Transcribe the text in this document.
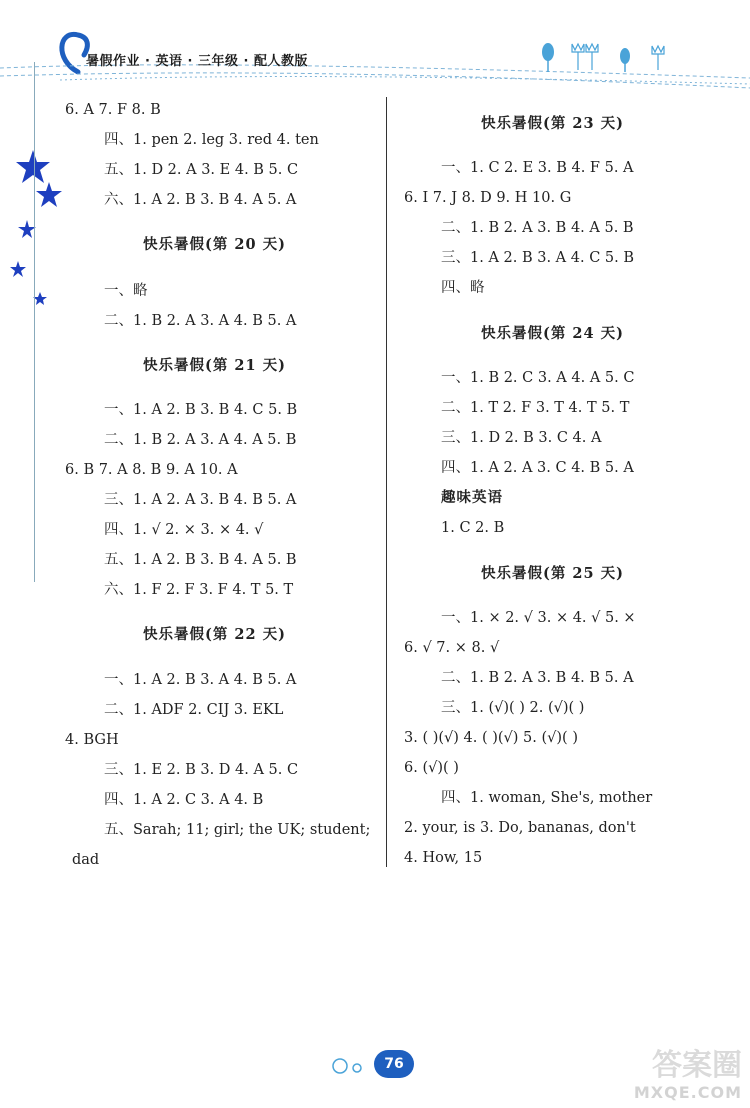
暑假作业 · 英语 · 三年级 · 配人教版
6. A 7. F 8. B
四、1. pen 2. leg 3. red 4. ten
五、1. D 2. A 3. E 4. B 5. C
六、1. A 2. B 3. B 4. A 5. A
快乐暑假(第 20 天)
一、略
二、1. B 2. A 3. A 4. B 5. A
快乐暑假(第 21 天)
一、1. A 2. B 3. B 4. C 5. B
二、1. B 2. A 3. A 4. A 5. B
6. B 7. A 8. B 9. A 10. A
三、1. A 2. A 3. B 4. B 5. A
四、1. √ 2. × 3. × 4. √
五、1. A 2. B 3. B 4. A 5. B
六、1. F 2. F 3. F 4. T 5. T
快乐暑假(第 22 天)
一、1. A 2. B 3. A 4. B 5. A
二、1. ADF 2. CIJ 3. EKL
4. BGH
三、1. E 2. B 3. D 4. A 5. C
四、1. A 2. C 3. A 4. B
五、Sarah; 11; girl; the UK; student;
dad
快乐暑假(第 23 天)
一、1. C 2. E 3. B 4. F 5. A
6. I 7. J 8. D 9. H 10. G
二、1. B 2. A 3. B 4. A 5. B
三、1. A 2. B 3. A 4. C 5. B
四、略
快乐暑假(第 24 天)
一、1. B 2. C 3. A 4. A 5. C
二、1. T 2. F 3. T 4. T 5. T
三、1. D 2. B 3. C 4. A
四、1. A 2. A 3. C 4. B 5. A
趣味英语
1. C 2. B
快乐暑假(第 25 天)
一、1. × 2. √ 3. × 4. √ 5. ×
6. √ 7. × 8. √
二、1. B 2. A 3. B 4. B 5. A
三、1. (√)( ) 2. (√)( )
3. ( )(√) 4. ( )(√) 5. (√)( )
6. (√)( )
四、1. woman, She's, mother
2. your, is 3. Do, bananas, don't
4. How, 15
76	答案圈
MXQE.COM
